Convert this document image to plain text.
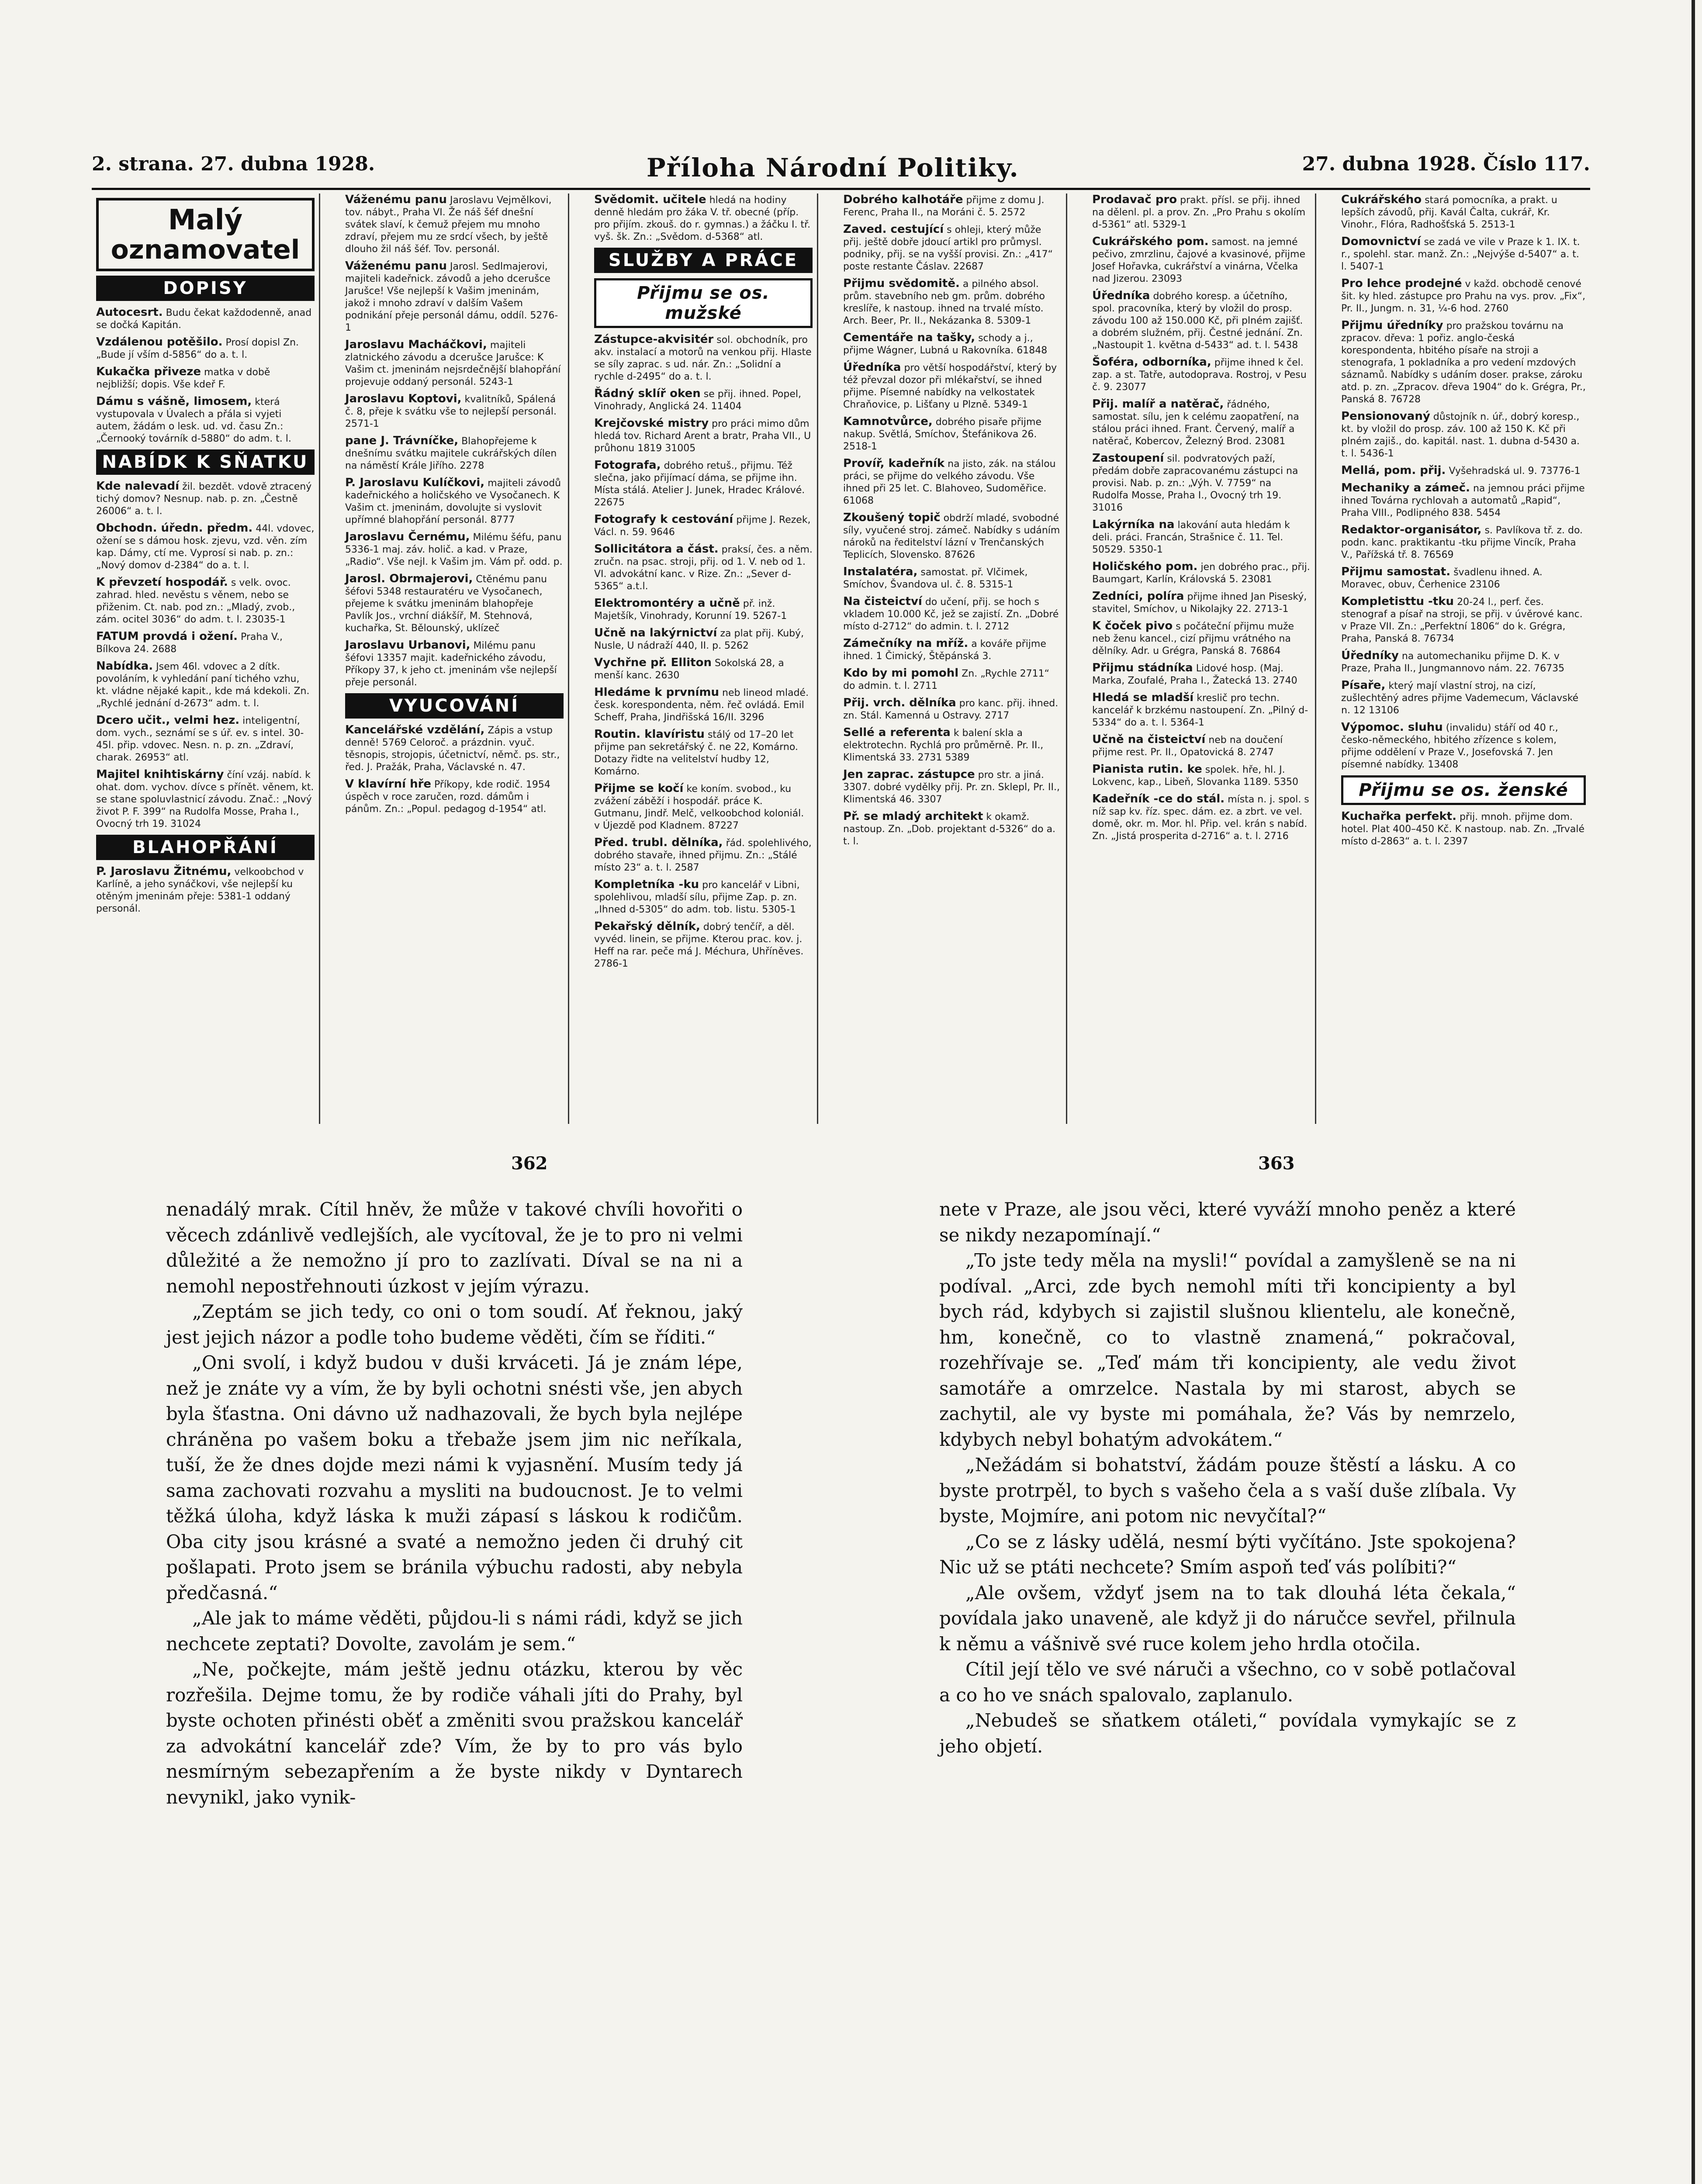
2. strana. 27. dubna 1928.	Příloha Národní Politiky.	27. dubna 1928. Číslo 117.
Malý
oznamovatel
DOPISY
Autocesrt. Budu čekat každodenně, anad se dočká Kapitán.
Vzdálenou potěšilo. Prosí dopisl Zn. „Bude jí vším d-5856“ do a. t. l.
Kukačka přiveze matka v době nejbližší; dopis. Vše kdeř F.
Dámu s vášně, limosem, která vystupovala v Úvalech a přála si vyjeti autem, žádám o lesk. ud. vd. času Zn.: „Černooký továrník d-5880“ do adm. t. l.
NABÍDK K SŇATKU
Kde nalevadí žil. bezdět. vdově ztracený tichý domov? Nesnup. nab. p. zn. „Čestně 26006“ a. t. l.
Obchodn. úředn. předm. 44l. vdovec, ožení se s dámou hosk. zjevu, vzd. věn. zím kap. Dámy, ctí me. Vyprosí si nab. p. zn.: „Nový domov d-2384“ do a. t. l.
K převzetí hospodář. s velk. ovoc. zahrad. hled. nevěstu s věnem, nebo se přiženim. Ct. nab. pod zn.: „Mladý, zvob., zám. ocitel 3036“ do adm. t. l. 23035-1
FATUM provdá i ožení. Praha V., Bílkova 24. 2688
Nabídka. Jsem 46l. vdovec a 2 dítk. povoláním, k vyhledání paní tichého vzhu, kt. vládne nějaké kapit., kde má kdekoli. Zn. „Rychlé jednání d-2673“ adm. t. l.
Dcero učit., velmi hez. inteligentní, dom. vych., seznámí se s úř. ev. s intel. 30-45l. přip. vdovec. Nesn. n. p. zn. „Zdraví, charak. 26953“ atl.
Majitel knihtiskárny číní vzáj. nabíd. k ohat. dom. vychov. dívce s přínět. věnem, kt. se stane spoluvlastnicí závodu. Znač.: „Nový život P. F. 399“ na Rudolfa Mosse, Praha I., Ovocný trh 19. 31024
BLAHOPŘÁNÍ
P. Jaroslavu Žitnému, velkoobchod v Karlíně, a jeho synáčkovi, vše nejlepší ku otěným jmeninám přeje: 5381-1 oddaný personál.
Váženému panu Jaroslavu Vejmělkovi, tov. nábyt., Praha VI. Že náš šéf dnešní svátek slaví, k čemuž přejem mu mnoho zdraví, přejem mu ze srdcí všech, by ještě dlouho žil náš šéf. Tov. personál.
Váženému panu Jarosl. Sedlmajerovi, majiteli kadeřnick. závodů a jeho dcerušce Jarušce! Vše nejlepší k Vašim jmeninám, jakož i mnoho zdraví v dalším Vašem podnikání přeje personál dámu, oddíl. 5276-1
Jaroslavu Macháčkovi, majiteli zlatnického závodu a dcerušce Jarušce: K Vašim ct. jmeninám nejsrdečnější blahopřání projevuje oddaný personál. 5243-1
Jaroslavu Koptovi, kvalitníků, Spálená č. 8, přeje k svátku vše to nejlepší personál. 2571-1
pane J. Trávníčke, Blahopřejeme k dnešnímu svátku majitele cukrářských dílen na náměstí Krále Jiřího. 2278
P. Jaroslavu Kulíčkovi, majiteli závodů kadeřnického a holičského ve Vysočanech. K Vašim ct. jmeninám, dovolujte si vyslovit upřímné blahopřání personál. 8777
Jaroslavu Černému, Milému šéfu, panu 5336-1 maj. záv. holič. a kad. v Praze, „Radio“. Vše nejl. k Vašim jm. Vám př. odd. p.
Jarosl. Obrmajerovi, Ctěnému panu šéfovi 5348 restauratéru ve Vysočanech, přejeme k svátku jmeninám blahopřeje Pavlík Jos., vrchní diákšíř, M. Stehnová, kuchařka, St. Bělounský, uklízeč
Jaroslavu Urbanovi, Milému panu šéfovi 13357 majit. kadeřnického závodu, Příkopy 37, k jeho ct. jmeninám vše nejlepší přeje personál.
VYUCOVÁNÍ
Kancelářské vzdělání, Zápis a vstup denně! 5769 Celoroč. a prázdnin. vyuč. těsnopis, strojopis, účetnictví, němč. ps. str., řed. J. Pražák, Praha, Václavské n. 47.
V klavírní hře Příkopy, kde rodič. 1954 úspěch v roce zaručen, rozd. dámům i pánům. Zn.: „Popul. pedagog d-1954“ atl.
Svědomit. učitele hledá na hodiny denně hledám pro žáka V. tř. obecné (příp. pro přijím. zkouš. do r. gymnas.) a žáčku I. tř. vyš. šk. Zn.: „Svědom. d-5368“ atl.
SLUŽBY A PRÁCE
Přijmu se os. mužské
Zástupce-akvisitér sol. obchodník, pro akv. instalací a motorů na venkou přij. Hlaste se síly zaprac. s ud. nár. Zn.: „Solidní a rychle d-2495“ do a. t. l.
Řádný sklíř oken se přij. ihned. Popel, Vinohrady, Anglická 24. 11404
Krejčovské mistry pro práci mimo dům hledá tov. Richard Arent a bratr, Praha VII., U průhonu 1819 31005
Fotografa, dobrého retuš., přijmu. Též slečna, jako přijímací dáma, se přijme ihn. Místa stálá. Atelier J. Junek, Hradec Králové. 22675
Fotografy k cestování přijme J. Rezek, Václ. n. 59. 9646
Sollicitátora a část. praksí, čes. a něm. zručn. na psac. stroji, přij. od 1. V. neb od 1. VI. advokátní kanc. v Rize. Zn.: „Sever d-5365“ a.t.l.
Elektromontéry a učně př. inž. Majetšík, Vinohrady, Korunní 19. 5267-1
Učně na lakýrnictví za plat přij. Kubý, Nusle, U nádraží 440, II. p. 5262
Vychřne př. Elliton Sokolská 28, a menší kanc. 2630
Hledáme k prvnímu neb lineod mladé. česk. korespondenta, něm. řeč ovládá. Emil Scheff, Praha, Jindřišská 16/II. 3296
Routin. klavíristu stálý od 17–20 let přijme pan sekretářský č. ne 22, Komárno. Dotazy řidte na velitelství hudby 12, Komárno.
Přijme se kočí ke koním. svobod., ku zvážení záběží i hospodář. práce K. Gutmanu, Jindř. Melč, velkoobchod koloniál. v Újezdě pod Kladnem. 87227
Před. trubl. dělníka, řád. spolehlivého, dobrého stavaře, ihned přijmu. Zn.: „Stálé místo 23“ a. t. l. 2587
Kompletníka -ku pro kancelář v Libni, spolehlivou, mladší sílu, přijme Zap. p. zn. „Ihned d-5305“ do adm. tob. listu. 5305-1
Pekařský dělník, dobrý tenčíř, a děl. vyvéd. linein, se přijme. Kterou prac. kov. j. Heff na rar. peče má J. Méchura, Uhříněves. 2786-1
Dobrého kalhotáře přijme z domu J. Ferenc, Praha II., na Moráni č. 5. 2572
Zaved. cestující s ohleji, který může přij. ještě dobře jdoucí artikl pro průmysl. podniky, přij. se na vyšší provisi. Zn.: „417“ poste restante Čáslav. 22687
Přijmu svědomitě. a pilného absol. prům. stavebního neb gm. prům. dobrého kreslíře, k nastoup. ihned na trvalé místo. Arch. Beer, Pr. II., Nekázanka 8. 5309-1
Cementáře na tašky, schody a j., přijme Wágner, Lubná u Rakovníka. 61848
Úředníka pro větší hospodářství, který by též převzal dozor při mlékařství, se ihned přijme. Písemné nabídky na velkostatek Chraňovice, p. Lišťany u Plzně. 5349-1
Kamnotvůrce, dobrého pisaře přijme nakup. Světlá, Smíchov, Štefánikova 26. 2518-1
Províř, kadeřník na jisto, zák. na stálou práci, se přijme do velkého závodu. Vše ihned při 25 let. C. Blahoveo, Sudoměřice. 61068
Zkoušený topič obdrží mladé, svobodné síly, vyučené stroj. zámeč. Nabídky s udáním nároků na ředitelství lázní v Trenčanských Teplicích, Slovensko. 87626
Instalatéra, samostat. př. Vlčimek, Smíchov, Švandova ul. č. 8. 5315-1
Na čisteictví do učení, přij. se hoch s vkladem 10.000 Kč, jež se zajistí. Zn. „Dobré místo d-2712“ do admin. t. l. 2712
Zámečníky na mříž. a kováře přijme ihned. 1 Čimický, Štěpánská 3.
Kdo by mi pomohl Zn. „Rychle 2711“ do admin. t. l. 2711
Přij. vrch. dělníka pro kanc. přij. ihned. zn. Stál. Kamenná u Ostravy. 2717
Sellé a referenta k balení skla a elektrotechn. Rychlá pro průměrně. Pr. II., Klimentská 33. 2731 5389
Jen zaprac. zástupce pro str. a jiná. 3307. dobré vydělky přij. Pr. zn. Sklepl, Pr. II., Klimentská 46. 3307
Př. se mladý architekt k okamž. nastoup. Zn. „Dob. projektant d-5326“ do a. t. l.
Prodavač pro prakt. přísl. se přij. ihned na dělenl. pl. a prov. Zn. „Pro Prahu s okolím d-5361“ atl. 5329-1
Cukrářského pom. samost. na jemné pečivo, zmrzlinu, čajové a kvasinové, přijme Josef Hořavka, cukrářství a vinárna, Včelka nad Jizerou. 23093
Úředníka dobrého koresp. a účetního, spol. pracovníka, který by vložil do prosp. závodu 100 až 150.000 Kč, při plném zajišť. a dobrém služném, přij. Čestné jednání. Zn. „Nastoupit 1. května d-5433“ ad. t. l. 5438
Šoféra, odborníka, přijme ihned k čel. zap. a st. Tatře, autodoprava. Rostroj, v Pesu č. 9. 23077
Přij. malíř a natěrač, řádného, samostat. sílu, jen k celému zaopatření, na stálou práci ihned. Frant. Červený, malíř a natěrač, Kobercov, Železný Brod. 23081
Zastoupení sil. podvratových paží, předám dobře zapracovanému zástupci na provisi. Nab. p. zn.: „Výh. V. 7759“ na Rudolfa Mosse, Praha I., Ovocný trh 19. 31016
Lakýrníka na lakování auta hledám k deli. práci. Francán, Strašnice č. 11. Tel. 50529. 5350-1
Holičského pom. jen dobrého prac., přij. Baumgart, Karlín, Královská 5. 23081
Zedníci, políra přijme ihned Jan Piseský, stavitel, Smíchov, u Nikolajky 22. 2713-1
K čoček pivo s počáteční přijmu muže neb ženu kancel., cizí přijmu vrátného na dělníky. Adr. u Grégra, Panská 8. 76864
Přijmu stádníka Lidové hosp. (Maj. Marka, Zoufalé, Praha I., Žatecká 13. 2740
Hledá se mladší kreslič pro techn. kancelář k brzkému nastoupení. Zn. „Pilný d-5334“ do a. t. l. 5364-1
Učně na čisteictví neb na doučení přijme rest. Pr. II., Opatovická 8. 2747
Pianista rutin. ke spolek. hře, hl. J. Lokvenc, kap., Libeň, Slovanka 1189. 5350
Kadeřník -ce do stál. místa n. j. spol. s níž sap kv. říz. spec. dám. ez. a zbrt. ve vel. domě, okr. m. Mor. hl. Přip. vel. krán s nabíd. Zn. „Jistá prosperita d-2716“ a. t. l. 2716
Cukrářského stará pomocníka, a prakt. u lepších závodů, přij. Kavál Čalta, cukrář, Kr. Vinohr., Flóra, Radhošťská 5. 2513-1
Domovnictví se zadá ve vile v Praze k 1. IX. t. r., spolehl. star. manž. Zn.: „Nejvýše d-5407“ a. t. l. 5407-1
Pro lehce prodejné v každ. obchodě cenové šit. ky hled. zástupce pro Prahu na vys. prov. „Fix“, Pr. II., Jungm. n. 31, ¼-6 hod. 2760
Přijmu úředníky pro pražskou továrnu na zpracov. dřeva: 1 pořiz. anglo-česká korespondenta, hbitého písaře na stroji a stenografa, 1 pokladníka a pro vedení mzdových sáznamů. Nabídky s udáním doser. prakse, zároku atd. p. zn. „Zpracov. dřeva 1904“ do k. Grégra, Pr., Panská 8. 76728
Pensionovaný důstojník n. úř., dobrý koresp., kt. by vložil do prosp. záv. 100 až 150 K. Kč při plném zajiš., do. kapitál. nast. 1. dubna d-5430 a. t. l. 5436-1
Mellá, pom. přij. Vyšehradská ul. 9. 73776-1
Mechaniky a zámeč. na jemnou práci přijme ihned Továrna rychlovah a automatů „Rapid“, Praha VIII., Podlipného 838. 5454
Redaktor-organisátor, s. Pavlíkova tř. z. do. podn. kanc. praktikantu -tku přijme Vincík, Praha V., Pařížská tř. 8. 76569
Přijmu samostat. švadlenu ihned. A. Moravec, obuv, Čerhenice 23106
Kompletisttu -tku 20-24 l., perf. čes. stenograf a písař na stroji, se přij. v úvěrové kanc. v Praze VII. Zn.: „Perfektní 1806“ do k. Grégra, Praha, Panská 8. 76734
Úředníky na automechaniku přijme D. K. v Praze, Praha II., Jungmannovo nám. 22. 76735
Písaře, který mají vlastní stroj, na cizí, zušlechtěný adres přijme Vademecum, Václavské n. 12 13106
Výpomoc. sluhu (invalidu) stáří od 40 r., česko-německého, hbitého zřízence s kolem, přijme oddělení v Praze V., Josefovská 7. Jen písemné nabídky. 13408
Přijmu se os. ženské
Kuchařka perfekt. přij. mnoh. přijme dom. hotel. Plat 400–450 Kč. K nastoup. nab. Zn. „Trvalé místo d-2863“ a. t. l. 2397
362	363

nenadálý mrak. Cítil hněv, že může v takové chvíli hovořiti o věcech zdánlivě vedlejších, ale vycítoval, že je to pro ni velmi důležité a že nemožno jí pro to zazlívati. Díval se na ni a nemohl nepostřehnouti úzkost v jejím výrazu.

„Zeptám se jich tedy, co oni o tom soudí. Ať řeknou, jaký jest jejich názor a podle toho budeme věděti, čím se říditi.“

„Oni svolí, i když budou v duši krváceti. Já je znám lépe, než je znáte vy a vím, že by byli ochotni snésti vše, jen abych byla šťastna. Oni dávno už nadhazovali, že bych byla nejlépe chráněna po vašem boku a třebaže jsem jim nic neříkala, tuší, že že dnes dojde mezi námi k vyjasnění. Musím tedy já sama zachovati rozvahu a mysliti na budoucnost. Je to velmi těžká úloha, když láska k muži zápasí s láskou k rodičům. Oba city jsou krásné a svaté a nemožno jeden či druhý cit pošlapati. Proto jsem se bránila výbuchu radosti, aby nebyla předčasná.“

„Ale jak to máme věděti, půjdou-li s námi rádi, když se jich nechcete zeptati? Dovolte, zavolám je sem.“

„Ne, počkejte, mám ještě jednu otázku, kterou by věc rozřešila. Dejme tomu, že by rodiče váhali jíti do Prahy, byl byste ochoten přinésti oběť a změniti svou pražskou kancelář za advokátní kancelář zde? Vím, že by to pro vás bylo nesmírným sebezapřením a že byste nikdy v Dyntarech nevynikl, jako vynik-

nete v Praze, ale jsou věci, které vyváží mnoho peněz a které se nikdy nezapomínají.“

„To jste tedy měla na mysli!“ povídal a zamyšleně se na ni podíval. „Arci, zde bych nemohl míti tři koncipienty a byl bych rád, kdybych si zajistil slušnou klientelu, ale konečně, hm, konečně, co to vlastně znamená,“ pokračoval, rozehřívaje se. „Teď mám tři koncipienty, ale vedu život samotáře a omrzelce. Nastala by mi starost, abych se zachytil, ale vy byste mi pomáhala, že? Vás by nemrzelo, kdybych nebyl bohatým advokátem.“

„Nežádám si bohatství, žádám pouze štěstí a lásku. A co byste protrpěl, to bych s vašeho čela a s vaší duše zlíbala. Vy byste, Mojmíre, ani potom nic nevyčítal?“

„Co se z lásky udělá, nesmí býti vyčítáno. Jste spokojena? Nic už se ptáti nechcete? Smím aspoň teď vás políbiti?“

„Ale ovšem, vždyť jsem na to tak dlouhá léta čekala,“ povídala jako unaveně, ale když ji do náručce sevřel, přilnula k němu a vášnivě své ruce kolem jeho hrdla otočila.

Cítil její tělo ve své náruči a všechno, co v sobě potlačoval a co ho ve snách spalovalo, zaplanulo.

„Nebudeš se sňatkem otáleti,“ povídala vymykajíc se z jeho objetí.
